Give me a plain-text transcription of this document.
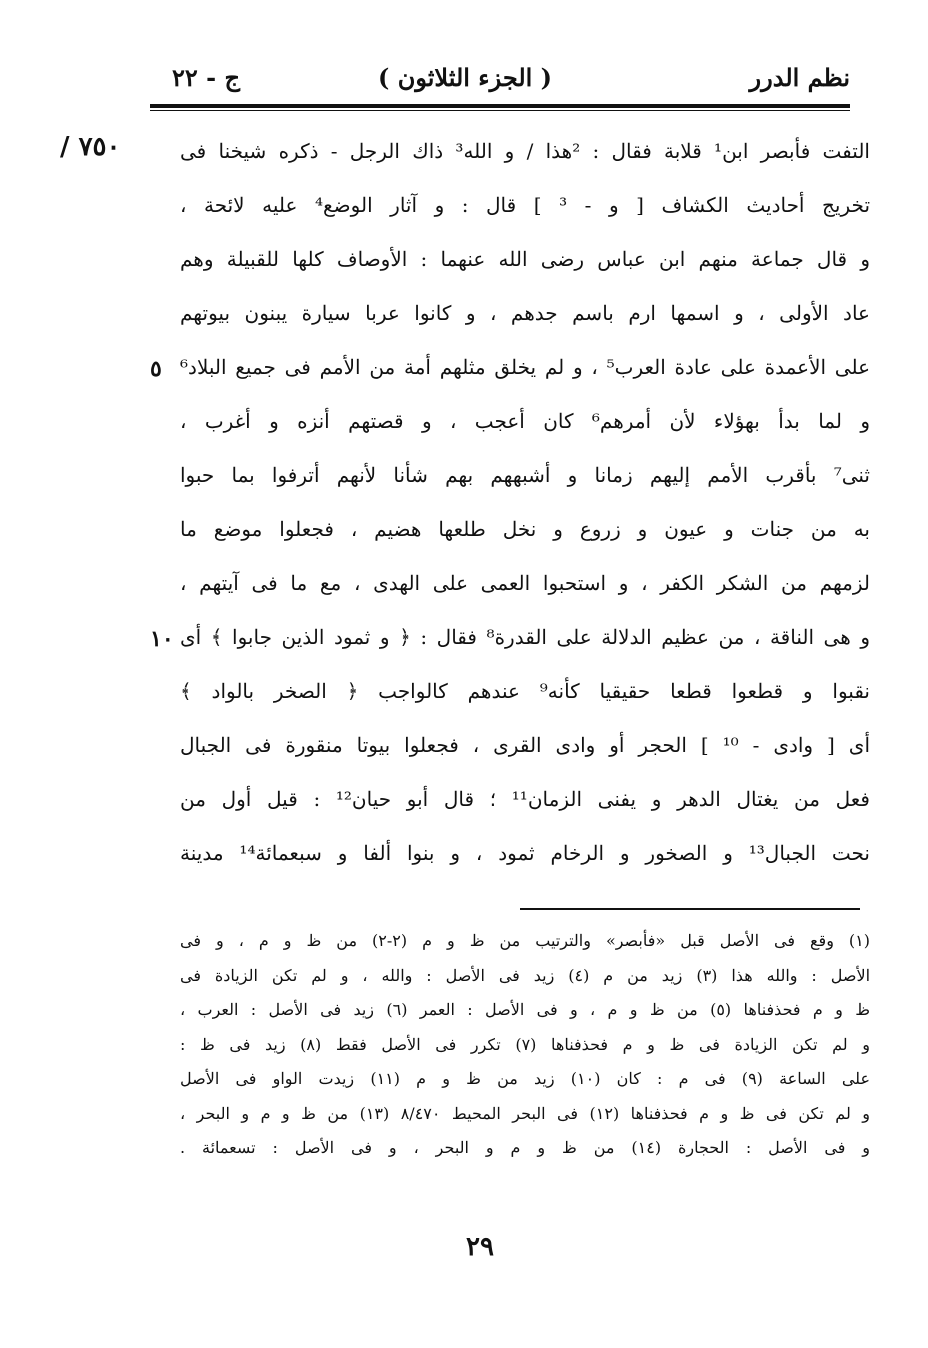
نظم الدرر
( الجزء الثلاثون )
ج - ٢٢
/ ٧٥٠
٥
١٠
التفت فأبصر ابن¹ قلابة فقال : ²هذا / و الله³ ذاك الرجل - ذكره شيخنا فى
تخريج أحاديث الكشاف [ و - ³ ] قال : و آثار الوضع⁴ عليه لائحة ،
و قال جماعة منهم ابن عباس رضى الله عنهما : الأوصاف كلها للقبيلة وهم
عاد الأولى ، و اسمها ارم باسم جدهم ، و كانوا عربا سيارة يبنون بيوتهم
على الأعمدة على عادة العرب⁵ ، و لم يخلق مثلهم أمة من الأمم فى جميع البلاد⁶
و لما بدأ بهؤلاء لأن أمرهم⁶ كان أعجب ، و قصتهم أنزه و أغرب ،
ثنى⁷ بأقرب الأمم إليهم زمانا و أشبههم بهم شأنا لأنهم أترفوا بما حبوا
به من جنات و عيون و زروع و نخل طلعها هضيم ، فجعلوا موضع ما
لزمهم من الشكر الكفر ، و استحبوا العمى على الهدى ، مع ما فى آيتهم ،
و هى الناقة ، من عظيم الدلالة على القدرة⁸ فقال : ﴿ و ثمود الذين جابوا ﴾ أى
نقبوا و قطعوا قطعا حقيقيا كأنه⁹ عندهم كالواجب ﴿ الصخر بالواد ﴾
أى [ وادى - ¹⁰ ] الحجر أو وادى القرى ، فجعلوا بيوتا منقورة فى الجبال
فعل من يغتال الدهر و يفنى الزمان¹¹ ؛ قال أبو حيان¹² : قيل أول من
نحت الجبال¹³ و الصخور و الرخام ثمود ، و بنوا ألفا و سبعمائة¹⁴ مدينة
(١) وقع فى الأصل قبل «فأبصر» والترتيب من ظ و م (٢-٢) من ظ و م ، و فى
الأصل : والله هذا (٣) زيد من م (٤) زيد فى الأصل : والله ، و لم تكن الزيادة فى
ظ و م فحذفناها (٥) من ظ و م ، و فى الأصل : العمر (٦) زيد فى الأصل : العرب ،
و لم تكن الزيادة فى ظ و م فحذفناها (٧) تكرر فى الأصل فقط (٨) زيد فى ظ :
على الساعة (٩) فى م : كان (١٠) زيد من ظ و م (١١) زيدت الواو فى الأصل
و لم تكن فى ظ و م فحذفناها (١٢) فى البحر المحيط ٨/٤٧٠ (١٣) من ظ و م و البحر ،
و فى الأصل : الحجارة (١٤) من ظ و م و البحر ، و فى الأصل : تسعمائة .
٢٩
